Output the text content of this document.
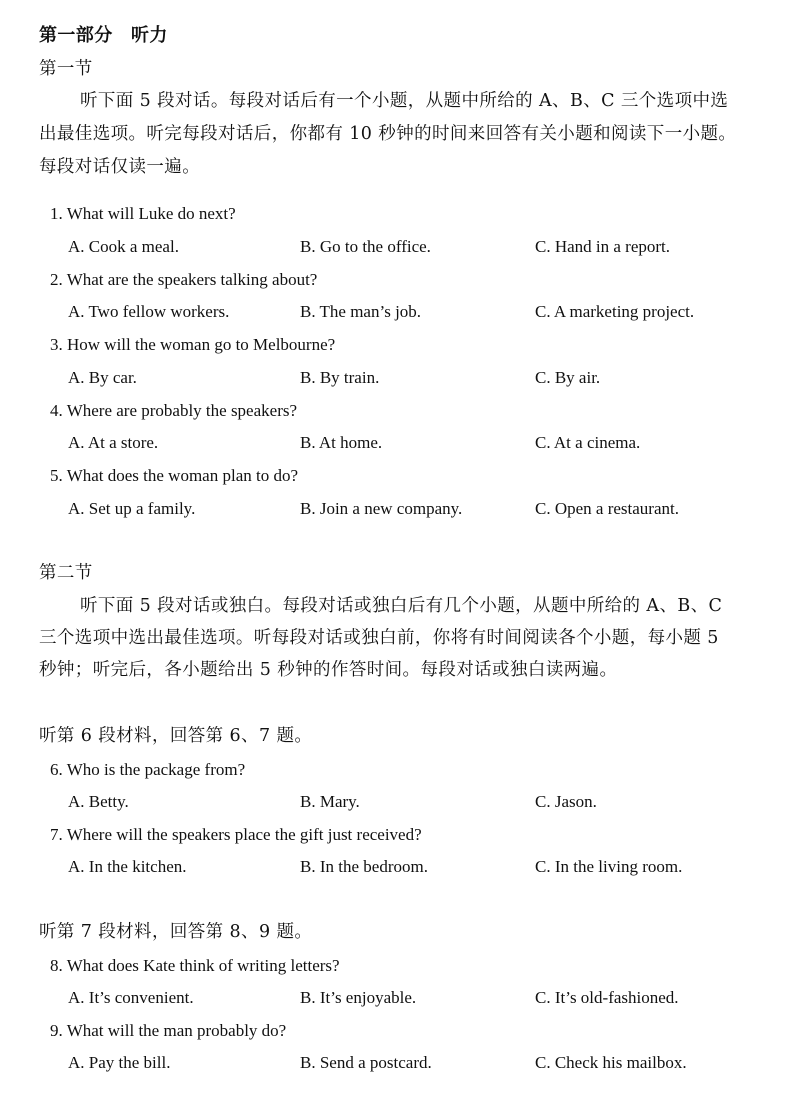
第一部分　听力
第一节
听下面 5 段对话。每段对话后有一个小题，从题中所给的 A、B、C 三个选项中选
出最佳选项。听完每段对话后，你都有 10 秒钟的时间来回答有关小题和阅读下一小题。
每段对话仅读一遍。
1. What will Luke do next?
A. Cook a meal.	B. Go to the office.	C. Hand in a report.
2. What are the speakers talking about?
A. Two fellow workers.	B. The man’s job.	C. A marketing project.
3. How will the woman go to Melbourne?
A. By car.	B. By train.	C. By air.
4. Where are probably the speakers?
A. At a store.	B. At home.	C. At a cinema.
5. What does the woman plan to do?
A. Set up a family.	B. Join a new company.	C. Open a restaurant.
第二节
听下面 5 段对话或独白。每段对话或独白后有几个小题，从题中所给的 A、B、C
三个选项中选出最佳选项。听每段对话或独白前，你将有时间阅读各个小题，每小题 5
秒钟；听完后，各小题给出 5 秒钟的作答时间。每段对话或独白读两遍。
听第 6 段材料，回答第 6、7 题。
6. Who is the package from?
A. Betty.	B. Mary.	C. Jason.
7. Where will the speakers place the gift just received?
A. In the kitchen.	B. In the bedroom.	C. In the living room.
听第 7 段材料，回答第 8、9 题。
8. What does Kate think of writing letters?
A. It’s convenient.	B. It’s enjoyable.	C. It’s old-fashioned.
9. What will the man probably do?
A. Pay the bill.	B. Send a postcard.	C. Check his mailbox.
